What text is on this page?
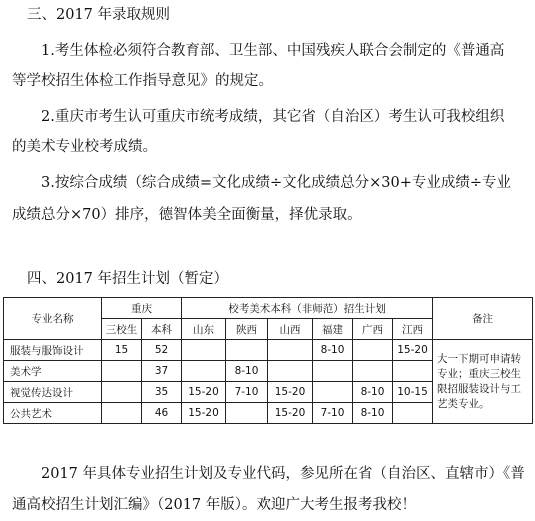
三、2017 年录取规则
1.考生体检必须符合教育部、卫生部、中国残疾人联合会制定的《普通高
等学校招生体检工作指导意见》的规定。
2.重庆市考生认可重庆市统考成绩，其它省（自治区）考生认可我校组织
的美术专业校考成绩。
3.按综合成绩（综合成绩=文化成绩÷文化成绩总分×30+专业成绩÷专业
成绩总分×70）排序，德智体美全面衡量，择优录取。
四、2017 年招生计划（暂定）
专业名称	重庆		校考美术本科（非师范）招生计划						备注
	三校生	本科	山东	陕西	山西	福建	广西	江西	
服装与服饰设计	15	52				8-10		15-20	大一下期可申请转专业；重庆三校生限招服装设计与工艺类专业。
美术学		37		8-10					
视觉传达设计		35	15-20	7-10	15-20		8-10	10-15	
公共艺术		46	15-20		15-20	7-10	8-10		
2017 年具体专业招生计划及专业代码，参见所在省（自治区、直辖市）《普
通高校招生计划汇编》（2017 年版）。欢迎广大考生报考我校！
